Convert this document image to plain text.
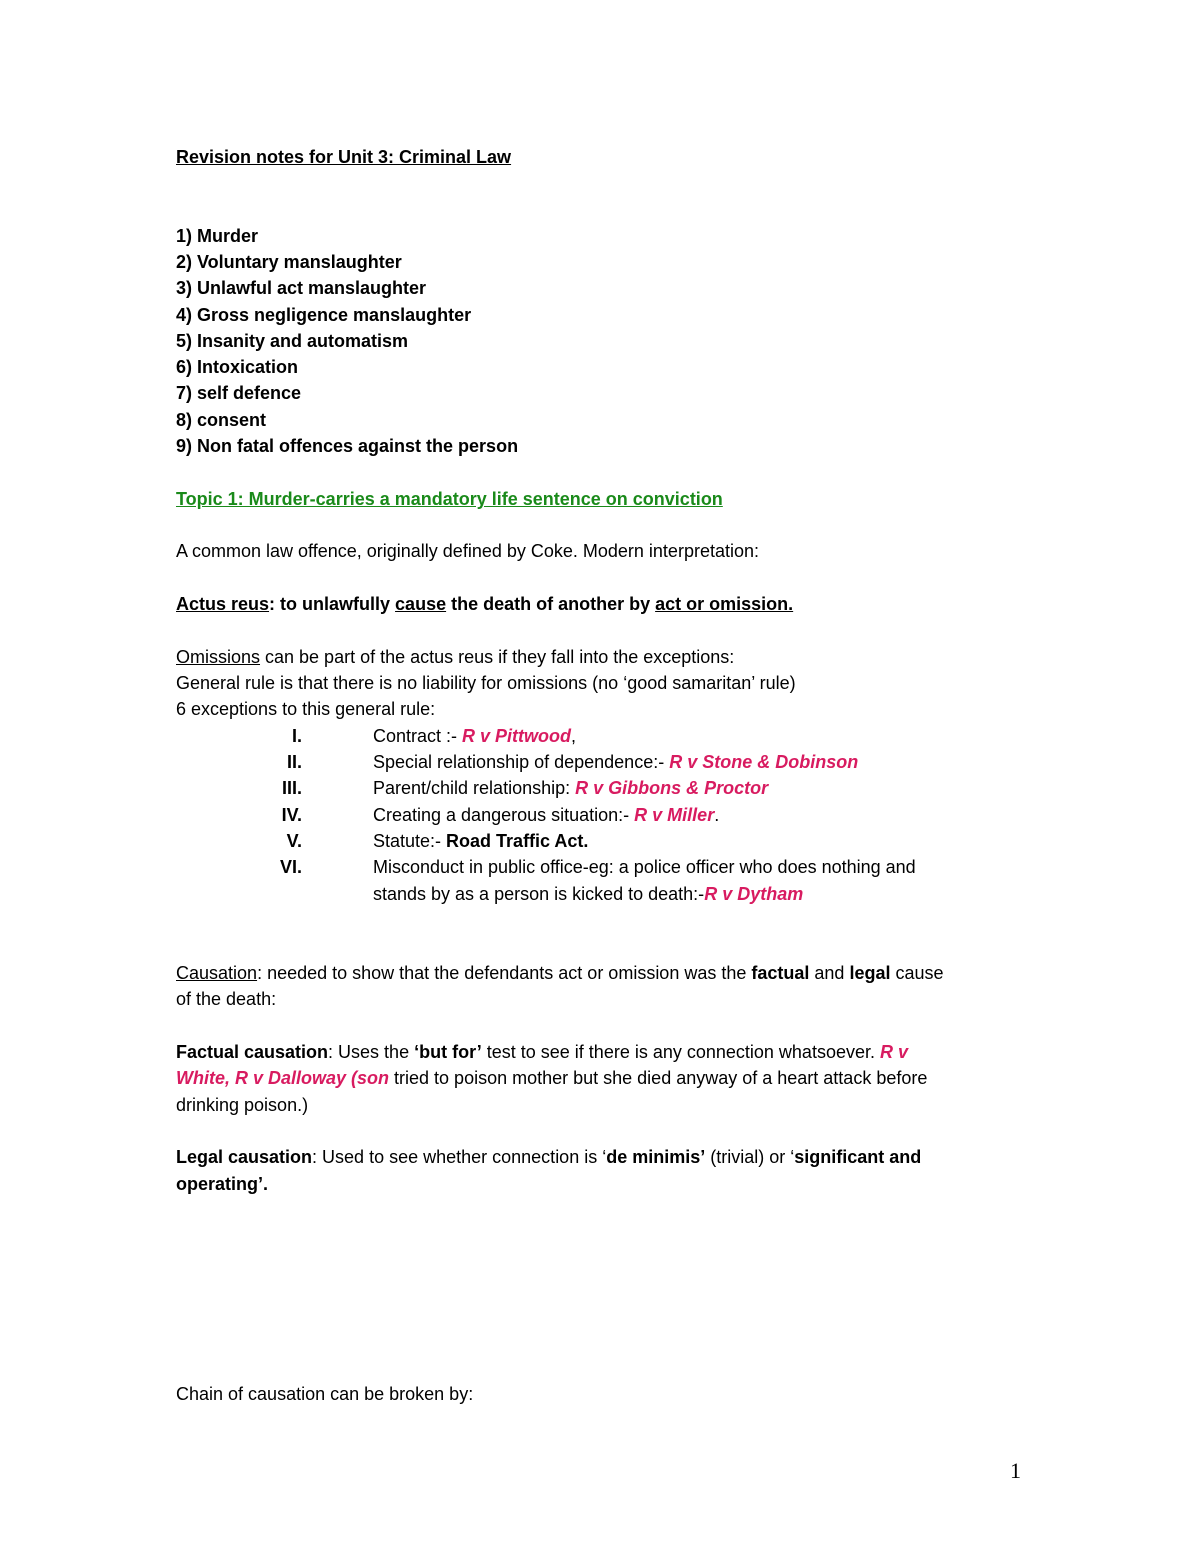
Revision notes for Unit 3: Criminal Law
1) Murder
2) Voluntary manslaughter
3) Unlawful act manslaughter
4) Gross negligence manslaughter
5) Insanity and automatism
6) Intoxication
7) self defence
8) consent
9) Non fatal offences against the person
Topic 1: Murder-carries a mandatory life sentence on conviction
A common law offence, originally defined by Coke. Modern interpretation:
Actus reus: to unlawfully cause the death of another by act or omission.
Omissions can be part of the actus reus if they fall into the exceptions:
General rule is that there is no liability for omissions (no ‘good samaritan’ rule)
6 exceptions to this general rule:
I.	Contract :- R v Pittwood,
II.	Special relationship of dependence:- R v Stone & Dobinson
III.	Parent/child relationship: R v Gibbons & Proctor
IV.	Creating a dangerous situation:- R v Miller.
V.	Statute:- Road Traffic Act.
VI.	Misconduct in public office-eg: a police officer who does nothing and
stands by as a person is kicked to death:-R v Dytham
Causation: needed to show that the defendants act or omission was the factual and legal cause
of the death:
Factual causation: Uses the ‘but for’ test to see if there is any connection whatsoever. R v
White, R v Dalloway (son tried to poison mother but she died anyway of a heart attack before
drinking poison.)
Legal causation: Used to see whether connection is ‘de minimis’ (trivial) or ‘significant and
operating’.
Chain of causation can be broken by:
1
